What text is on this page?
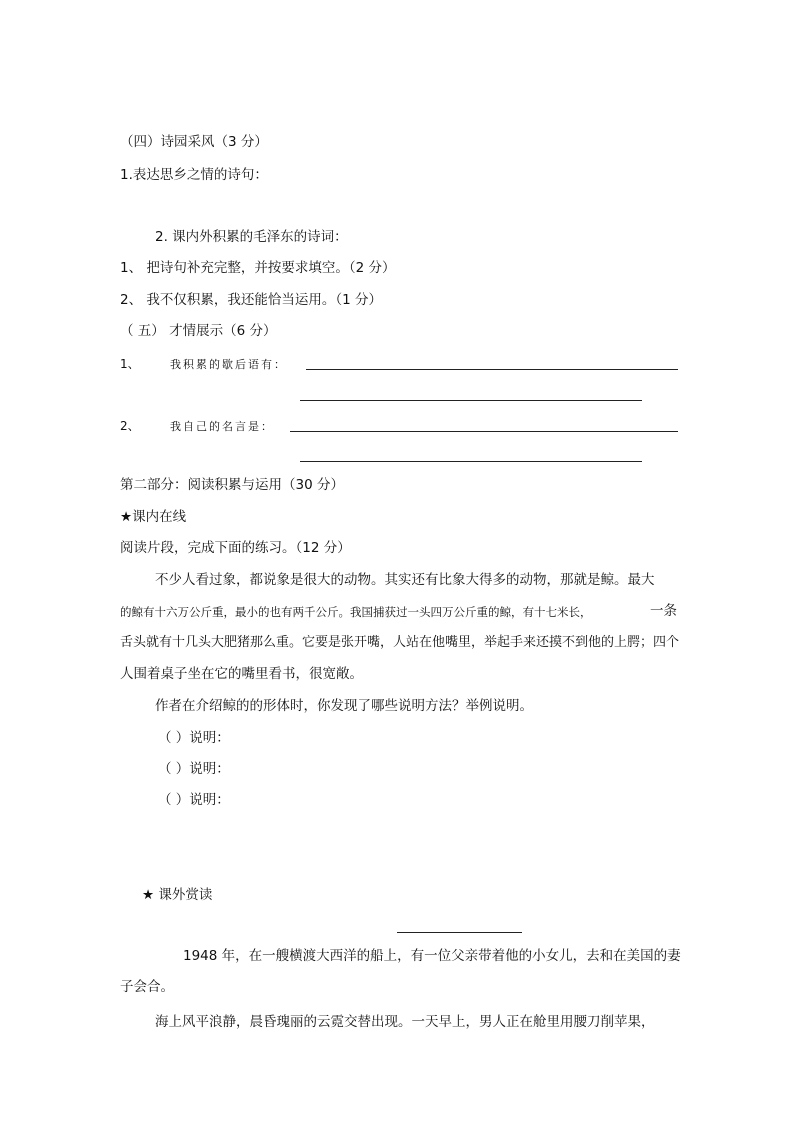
（四）诗园采风（3 分）
1.表达思乡之情的诗句：
2. 课内外积累的毛泽东的诗词：
1、 把诗句补充完整，并按要求填空。（2 分）
2、 我不仅积累，我还能恰当运用。（1 分）
（ 五） 才情展示（6 分）
1、	我积累的歇后语有：
2、	我自己的名言是：
第二部分：阅读积累与运用（30 分）
★课内在线
阅读片段，完成下面的练习。（12 分）
不少人看过象，都说象是很大的动物。其实还有比象大得多的动物，那就是鲸。最大
的鲸有十六万公斤重，最小的也有两千公斤。我国捕获过一头四万公斤重的鲸，有十七米长，	一条
舌头就有十几头大肥猪那么重。它要是张开嘴，人站在他嘴里，举起手来还摸不到他的上腭；四个
人围着桌子坐在它的嘴里看书，很宽敞。
作者在介绍鲸的的形体时，你发现了哪些说明方法？举例说明。
（ ）说明：
（ ）说明：
（ ）说明：
★ 课外赏读
1948 年，在一艘横渡大西洋的船上，有一位父亲带着他的小女儿，去和在美国的妻
子会合。
海上风平浪静，晨昏瑰丽的云霓交替出现。一天早上，男人正在舱里用腰刀削苹果，
